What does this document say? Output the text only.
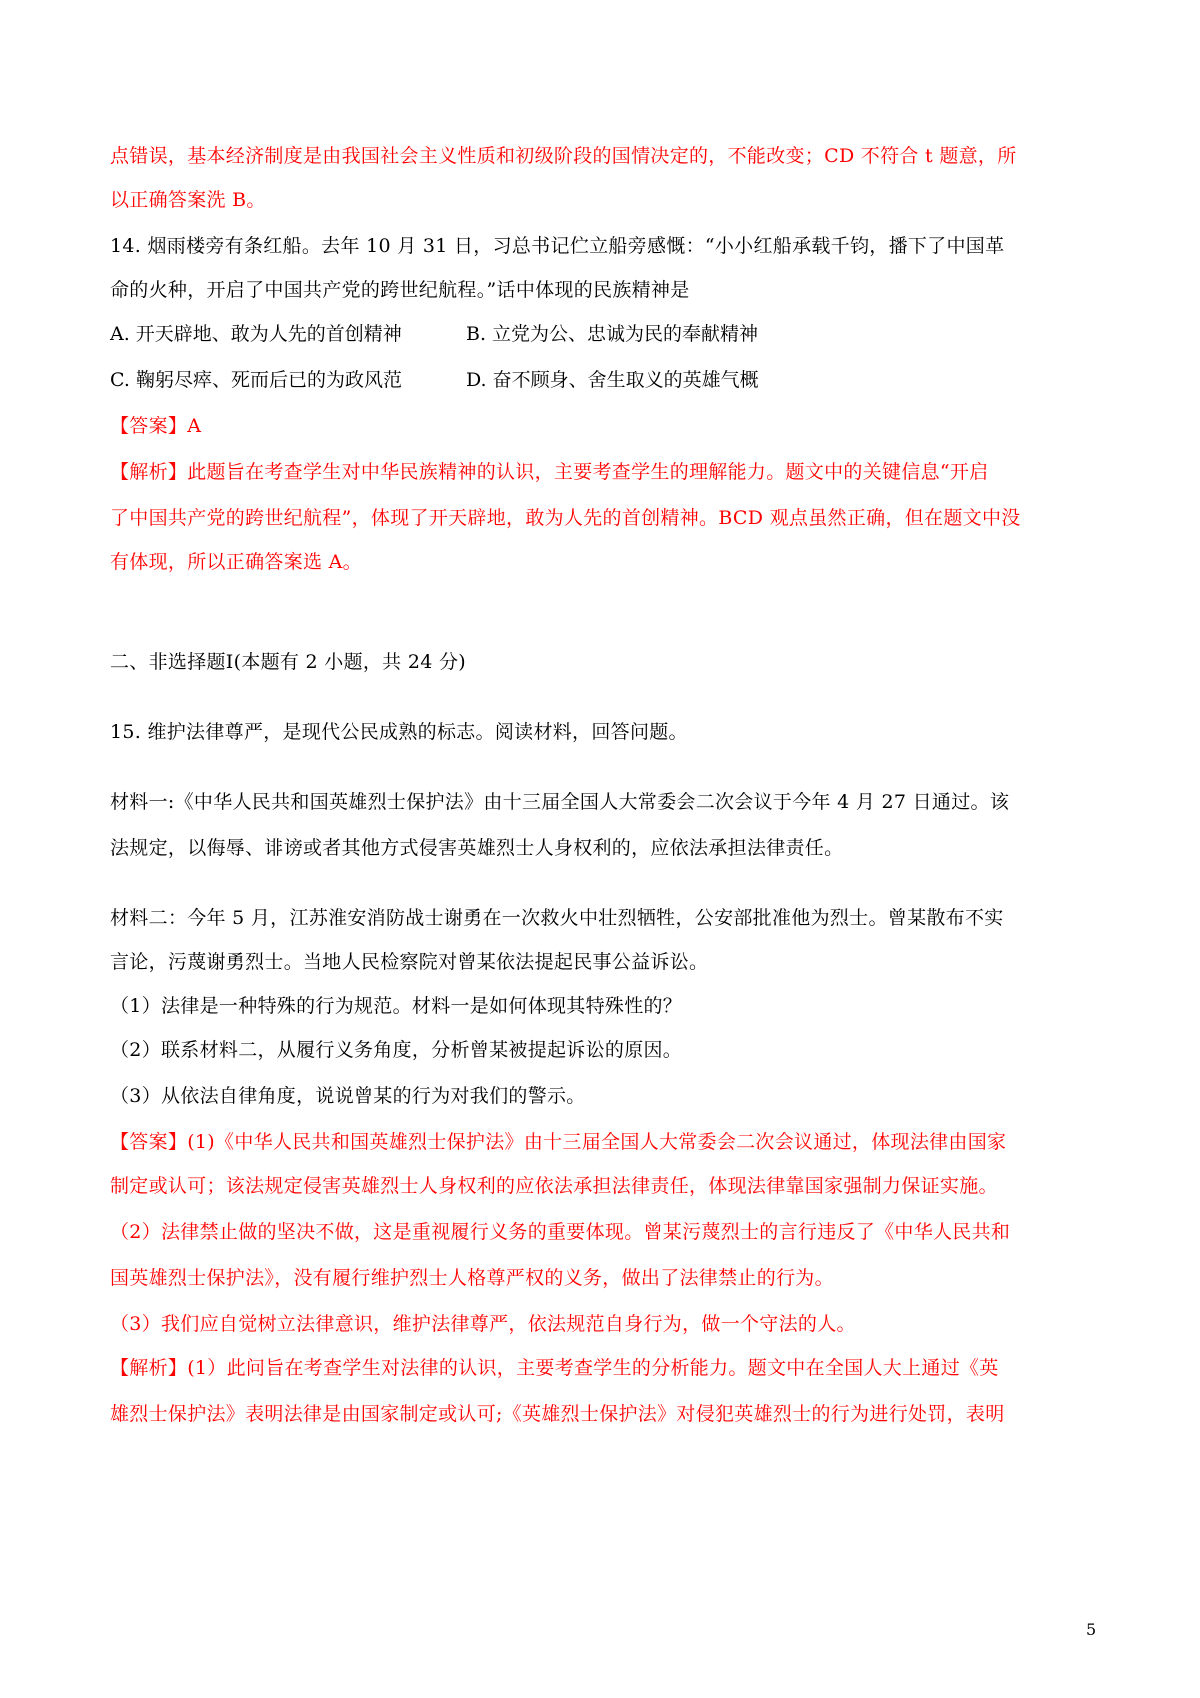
点错误，基本经济制度是由我国社会主义性质和初级阶段的国情决定的，不能改变；CD 不符合 t 题意，所
以正确答案洗 B。
14. 烟雨楼旁有条红船。去年 10 月 31 日，习总书记伫立船旁感慨：“小小红船承载千钧，播下了中国革
命的火种，开启了中国共产党的跨世纪航程。”话中体现的民族精神是
A. 开天辟地、敢为人先的首创精神	B. 立党为公、忠诚为民的奉献精神
C. 鞠躬尽瘁、死而后已的为政风范	D. 奋不顾身、舍生取义的英雄气概
【答案】A
【解析】此题旨在考查学生对中华民族精神的认识，主要考查学生的理解能力。题文中的关键信息“开启
了中国共产党的跨世纪航程”，体现了开天辟地，敢为人先的首创精神。BCD 观点虽然正确，但在题文中没
有体现，所以正确答案选 A。
二、非选择题Ⅰ(本题有 2 小题，共 24 分)
15. 维护法律尊严，是现代公民成熟的标志。阅读材料，回答问题。
材料一:《中华人民共和国英雄烈士保护法》由十三届全国人大常委会二次会议于今年 4 月 27 日通过。该
法规定，以侮辱、诽谤或者其他方式侵害英雄烈士人身权利的，应依法承担法律责任。
材料二：今年 5 月，江苏淮安消防战士谢勇在一次救火中壮烈牺牲，公安部批准他为烈士。曾某散布不实
言论，污蔑谢勇烈士。当地人民检察院对曾某依法提起民事公益诉讼。
（1）法律是一种特殊的行为规范。材料一是如何体现其特殊性的？
（2）联系材料二，从履行义务角度，分析曾某被提起诉讼的原因。
（3）从依法自律角度，说说曾某的行为对我们的警示。
【答案】(1)《中华人民共和国英雄烈士保护法》由十三届全国人大常委会二次会议通过，体现法律由国家
制定或认可；该法规定侵害英雄烈士人身权利的应依法承担法律责任，体现法律靠国家强制力保证实施。
（2）法律禁止做的坚决不做，这是重视履行义务的重要体现。曾某污蔑烈士的言行违反了《中华人民共和
国英雄烈士保护法》，没有履行维护烈士人格尊严权的义务，做出了法律禁止的行为。
（3）我们应自觉树立法律意识，维护法律尊严，依法规范自身行为，做一个守法的人。
【解析】(1）此问旨在考查学生对法律的认识，主要考查学生的分析能力。题文中在全国人大上通过《英
雄烈士保护法》表明法律是由国家制定或认可;《英雄烈士保护法》对侵犯英雄烈士的行为进行处罚，表明
5
